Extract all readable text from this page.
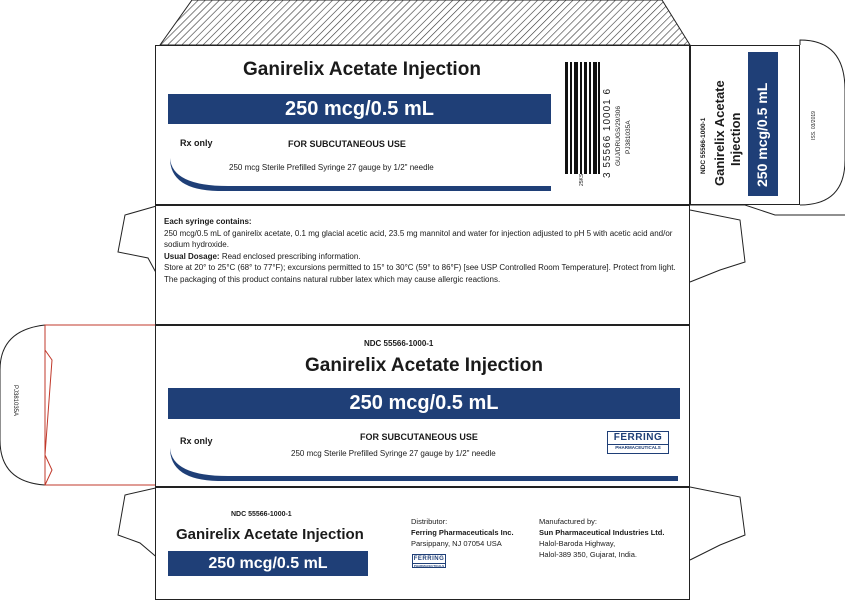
Ganirelix Acetate Injection
250 mcg/0.5 mL
Rx only	FOR SUBCUTANEOUS USE
250 mcg Sterile Prefilled Syringe 27 gauge by 1/2" needle	3 55566 10001 6 GUJ/DRUGS/29/306 PJ381035A
25KS
NDC 55566-1000-1 Ganirelix Acetate Injection 250 mcg/0.5 mL	ISS. 03/2019
Each syringe contains:
250 mcg/0.5 mL of ganirelix acetate, 0.1 mg glacial acetic acid, 23.5 mg mannitol and water for injection adjusted to pH 5 with acetic acid and/or sodium hydroxide.
Usual Dosage: Read enclosed prescribing information.
Store at 20° to 25°C (68° to 77°F); excursions permitted to 15° to 30°C (59° to 86°F) [see USP Controlled Room Temperature]. Protect from light.
The packaging of this product contains natural rubber latex which may cause allergic reactions.
PJ381035A
NDC 55566-1000-1
Ganirelix Acetate Injection
250 mcg/0.5 mL
Rx only	FOR SUBCUTANEOUS USE
250 mcg Sterile Prefilled Syringe 27 gauge by 1/2" needle
FERRING
PHARMACEUTICALS
NDC 55566-1000-1
Ganirelix Acetate Injection
250 mcg/0.5 mL
Distributor:
Ferring Pharmaceuticals Inc.
Parsippany, NJ 07054 USA
FERRING
PHARMACEUTICALS
Manufactured by:
Sun Pharmaceutical Industries Ltd.
Halol-Baroda Highway,
Halol-389 350, Gujarat, India.
